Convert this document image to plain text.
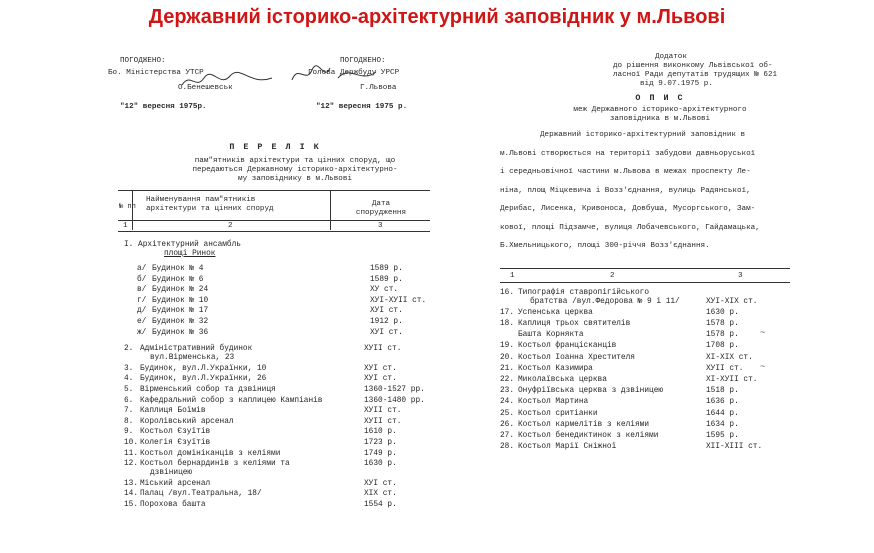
Державний історико-архітектурний заповідник у м.Львові
ПОГОДЖЕНО:
Бо. Міністерства УТСР
О.Бенешевськ
"12" вересня 1975р.
ПОГОДЖЕНО:
Голова Держбуду УРСР
Г.Львова
"12" вересня 1975 р.
П Е Р Е Л І К
пам"ятників архітектури та цінних споруд, що
передаються Державному історико-архітектурно-
му заповіднику в м.Львові
№ пп
Найменування пам"ятників
архітектури та цінних споруд
Дата
спорудження
1	2	3
І. Архітектурний ансамбль
площі Ринок
а/ Будинок № 4	1589 р.
б/ Будинок № 6	1589 р.
в/ Будинок № 24	XУ ст.
г/ Будинок № 10	XУІ-XУІІ ст.
д/ Будинок № 17	XУІ ст.
е/ Будинок № 32	1912 р.
ж/ Будинок № 36	XУІ ст.
2. Адміністративний будинок	XУІІ ст.
вул.Вірменська, 23
3. Будинок, вул.Л.Українки, 10	XУІ ст.
4. Будинок, вул.Л.Українки, 26	XУІ ст.
5. Вірменський собор та дзвіниця	1360-1527 рр.
6. Кафедральний собор з каплицею Кампіанів	1360-1480 рр.
7. Каплиця Боїмів	XУІІ ст.
8. Королівський арсенал	XУІІ ст.
9. Костьол Єзуїтів	1610 р.
10. Колегія Єзуїтів	1723 р.
11. Костьол домініканців з келіями	1749 р.
12. Костьол бернардинів з келіями та	1630 р.
дзвіницею
13. Міський арсенал	XУІ ст.
14. Палац /вул.Театральна, 18/	XІХ ст.
15. Порохова башта	1554 р.
Додаток
до рішення виконкому Львівської об-
ласної Ради депутатів трудящих № 621
від 9.07.1975 р.
О П И С
меж Державного історико-архітектурного
заповідника в м.Львові
Державний історико-архітектурний заповідник в
м.Львові створюється на території забудови давньоруської
і середньовічної частини м.Львова в межах проспекту Ле-
ніна, площ Міцкевича і Возз'єднання, вулиць Радянської,
Дерибас, Лисенка, Кривоноса, Довбуша, Мусоргського, Зам-
кової, площі Підзамче, вулиця Лобачевського, Гайдамацька,
Б.Хмельницького, площі 300-річчя Возз'єднання.
1	2	3
16. Типографія ставропігійського
братства /вул.Федорова № 9 і 11/	XУІ-XIX ст.
17. Успенська церква	1630 р.
18. Каплиця трьох святителів	1578 р.
Башта Корнякта	1578 р.
19. Костьол францісканців	1708 р.
20. Костьол Іоанна Хрестителя	XІ-XIX ст.
21. Костьол Казимира	XУІІ ст.
22. Миколаївська церква	XІ-XУІІ ст.
23. Онуфріївська церква з дзвіницею	1518 р.
24. Костьол Мартина	1636 р.
25. Костьол сритіанки	1644 р.
26. Костьол кармелітів з келіями	1634 р.
27. Костьол бенедиктинок з келіями	1595 р.
28. Костьол Марії Сніжної	XІІ-XІІІ ст.
~
~
